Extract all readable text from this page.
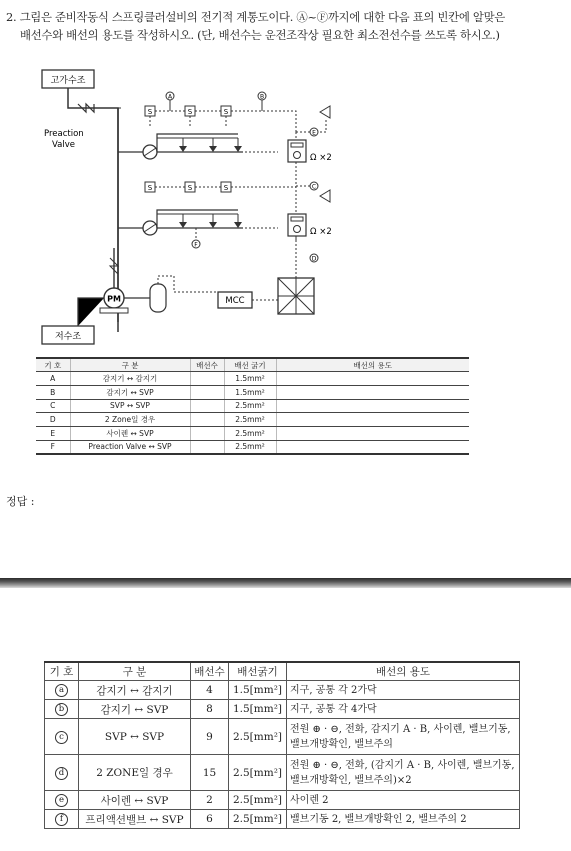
2. 그림은 준비작동식 스프링클러설비의 전기적 계통도이다. Ⓐ~Ⓕ까지에 대한 다음 표의 빈칸에 알맞은
배선수와 배선의 용도를 작성하시오. (단, 배선수는 운전조작상 필요한 최소전선수를 쓰도록 하시오.)
고가수조
Preaction
Valve
S	S	S
A	B
Ω ×2
E
C
S	S	S
F
Ω ×2
D
MCC
PM
저수조
기 호	구 분	배선수	배선 굵기	배선의 용도
A	감지기 ↔ 감지기		1.5mm²	
B	감지기 ↔ SVP		1.5mm²	
C	SVP ↔ SVP		2.5mm²	
D	2 Zone일 경우		2.5mm²	
E	사이렌 ↔ SVP		2.5mm²	
F	Preaction Valve ↔ SVP		2.5mm²	
정답 :
기 호	구 분	배선수	배선굵기	배선의 용도
a	감지기 ↔ 감지기	4	1.5[mm²]	지구, 공통 각 2가닥
b	감지기 ↔ SVP	8	1.5[mm²]	지구, 공통 각 4가닥
c	SVP ↔ SVP	9	2.5[mm²]	전원 ⊕ · ⊖, 전화, 감지기 A · B, 사이렌, 밸브기동, 밸브개방확인, 밸브주의
d	2 ZONE일 경우	15	2.5[mm²]	전원 ⊕ · ⊖, 전화, (감지기 A · B, 사이렌, 밸브기동, 밸브개방확인, 밸브주의)×2
e	사이렌 ↔ SVP	2	2.5[mm²]	사이렌 2
f	프리액션밸브 ↔ SVP	6	2.5[mm²]	밸브기동 2, 밸브개방확인 2, 밸브주의 2
